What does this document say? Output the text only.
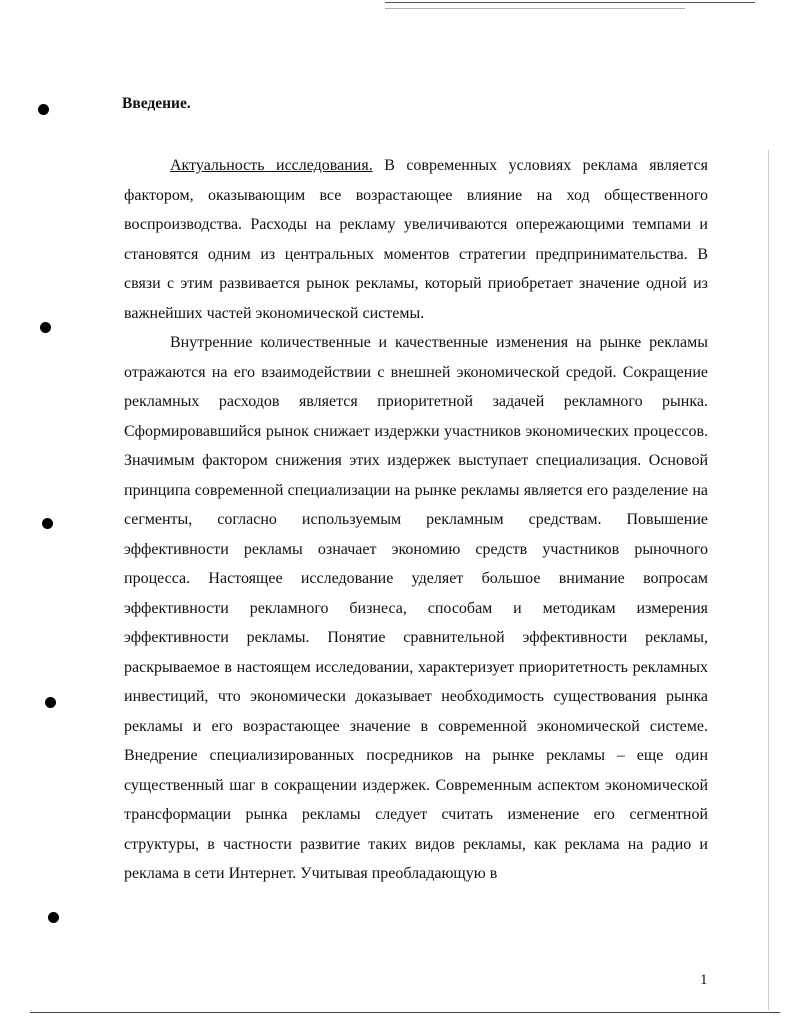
Введение.

Актуальность исследования. В современных условиях реклама является фактором, оказывающим все возрастающее влияние на ход общественного воспроизводства. Расходы на рекламу увеличиваются опережающими темпами и становятся одним из центральных моментов стратегии предпринимательства. В связи с этим развивается рынок рекламы, который приобретает значение одной из важнейших частей экономической системы.

Внутренние количественные и качественные изменения на рынке рекламы отражаются на его взаимодействии с внешней экономической средой. Сокращение рекламных расходов является приоритетной задачей рекламного рынка. Сформировавшийся рынок снижает издержки участников экономических процессов. Значимым фактором снижения этих издержек выступает специализация. Основой принципа современной специализации на рынке рекламы является его разделение на сегменты, согласно используемым рекламным средствам. Повышение эффективности рекламы означает экономию средств участников рыночного процесса. Настоящее исследование уделяет большое внимание вопросам эффективности рекламного бизнеса, способам и методикам измерения эффективности рекламы. Понятие сравнительной эффективности рекламы, раскрываемое в настоящем исследовании, характеризует приоритетность рекламных инвестиций, что экономически доказывает необходимость существования рынка рекламы и его возрастающее значение в современной экономической системе. Внедрение специализированных посредников на рынке рекламы – еще один существенный шаг в сокращении издержек. Современным аспектом экономической трансформации рынка рекламы следует считать изменение его сегментной структуры, в частности развитие таких видов рекламы, как реклама на радио и реклама в сети Интернет. Учитывая преобладающую в

1
